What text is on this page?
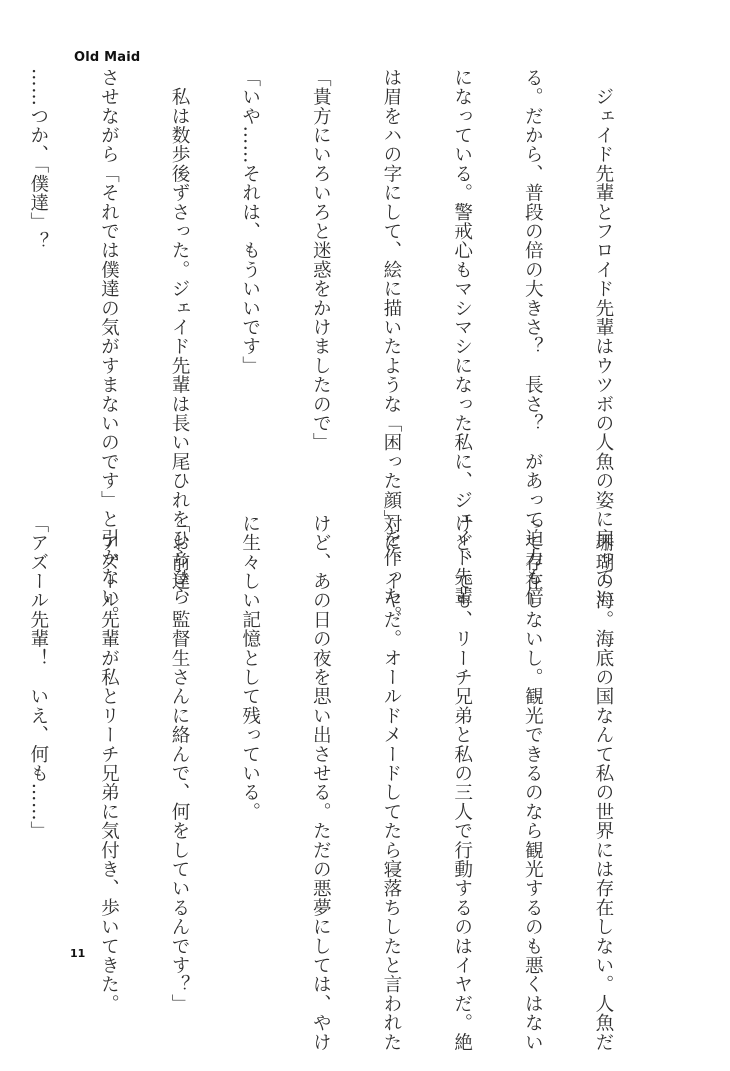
Old Maid

　ジェイド先輩とフロイド先輩はウツボの人魚の姿に戻ってい

る。だから、普段の倍の大きさ？　長さ？　があって迫力も倍

になっている。警戒心もマシマシになった私に、ジェイド先輩

は眉をハの字にして、絵に描いたような「困った顔」を作った。

「貴方にいろいろと迷惑をかけましたので」

「いや……それは、もういいです」

　私は数歩後ずさった。ジェイド先輩は長い尾ひれをひらひら

させながら「それでは僕達の気がすまないのです」と引かない。

……つか、「僕達」？

　珊瑚の海。海底の国なんて私の世界には存在しない。人魚だ

って存在しないし。観光できるのなら観光するのも悪くはない

けど、でも、リーチ兄弟と私の三人で行動するのはイヤだ。絶

対に、イヤだ。オールドメードしてたら寝落ちしたと言われた

けど、あの日の夜を思い出させる。ただの悪夢にしては、やけ

に生々しい記憶として残っている。

「お前達、監督生さんに絡んで、何をしているんです？」

　アズール先輩が私とリーチ兄弟に気付き、歩いてきた。

「アズール先輩！　いえ、何も……」

11
